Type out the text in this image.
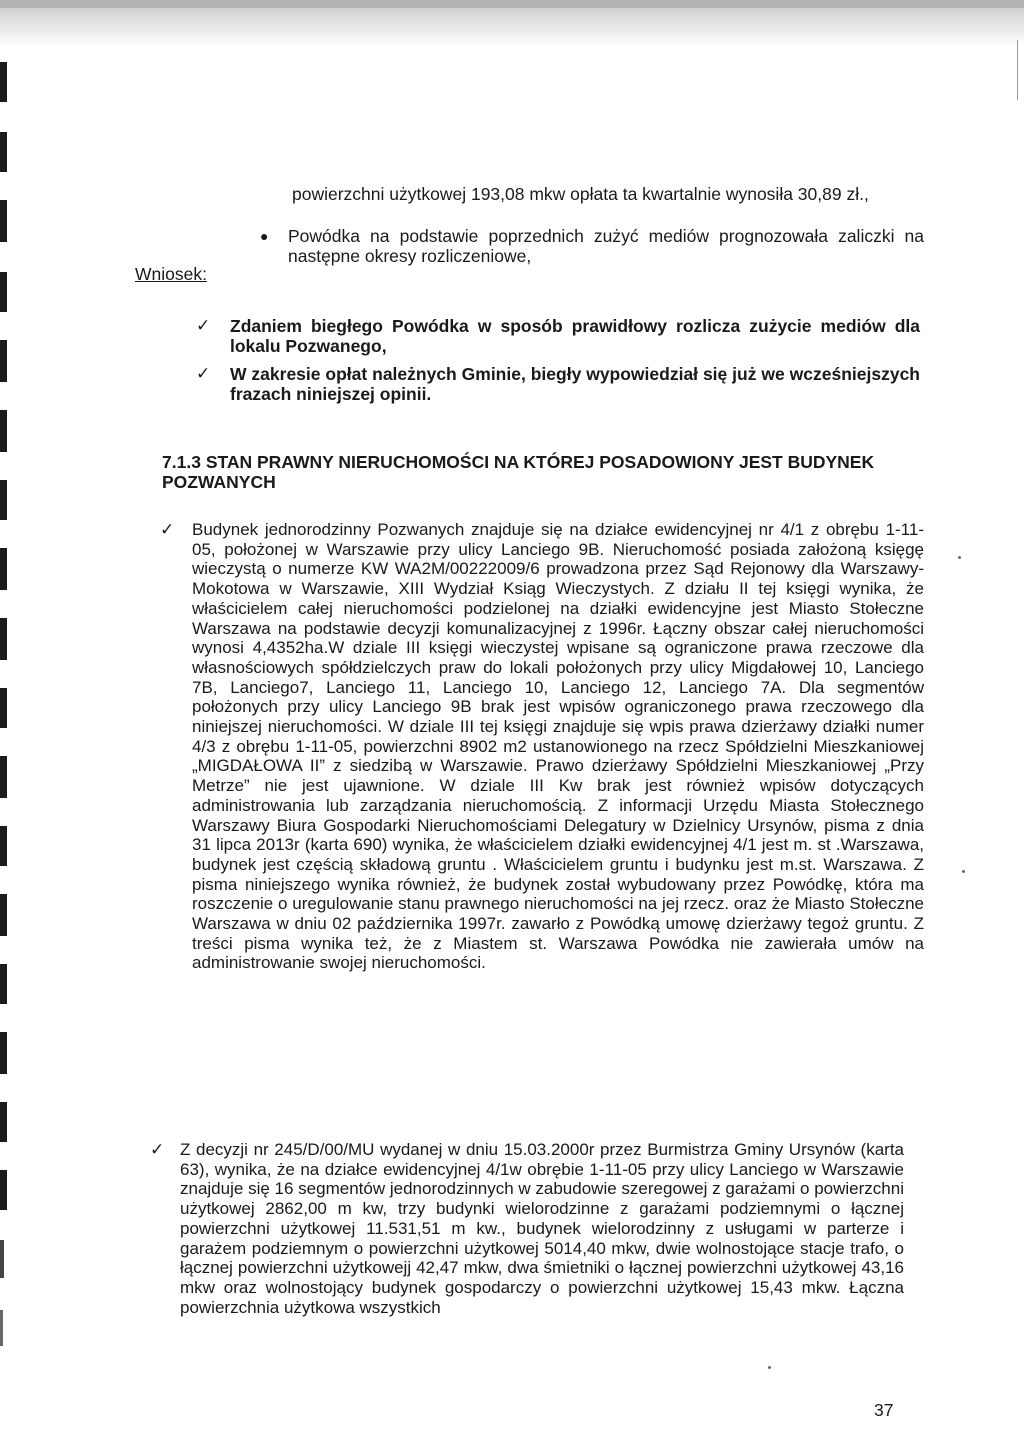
powierzchni użytkowej 193,08 mkw opłata ta kwartalnie wynosiła 30,89 zł.,

● Powódka na podstawie poprzednich zużyć mediów prognozowała zaliczki na następne okresy rozliczeniowe,
Wniosek:
✓ Zdaniem biegłego Powódka w sposób prawidłowy rozlicza zużycie mediów dla lokalu Pozwanego,

✓ W zakresie opłat należnych Gminie, biegły wypowiedział się już we wcześniejszych frazach niniejszej opinii.

7.1.3 STAN PRAWNY NIERUCHOMOŚCI NA KTÓREJ POSADOWIONY JEST BUDYNEK POZWANYCH
✓ Budynek jednorodzinny Pozwanych znajduje się na działce ewidencyjnej nr 4/1 z obrębu 1-11-05, położonej w Warszawie przy ulicy Lanciego 9B. Nieruchomość posiada założoną księgę wieczystą o numerze KW WA2M/00222009/6 prowadzona przez Sąd Rejonowy dla Warszawy-Mokotowa w Warszawie, XIII Wydział Ksiąg Wieczystych. Z działu II tej księgi wynika, że właścicielem całej nieruchomości podzielonej na działki ewidencyjne jest Miasto Stołeczne Warszawa na podstawie decyzji komunalizacyjnej z 1996r. Łączny obszar całej nieruchomości wynosi 4,4352ha.W dziale III księgi wieczystej wpisane są ograniczone prawa rzeczowe dla własnościowych spółdzielczych praw do lokali położonych przy ulicy Migdałowej 10, Lanciego 7B, Lanciego7, Lanciego 11, Lanciego 10, Lanciego 12, Lanciego 7A. Dla segmentów położonych przy ulicy Lanciego 9B brak jest wpisów ograniczonego prawa rzeczowego dla niniejszej nieruchomości. W dziale III tej księgi znajduje się wpis prawa dzierżawy działki numer 4/3 z obrębu 1-11-05, powierzchni 8902 m2 ustanowionego na rzecz Spółdzielni Mieszkaniowej „MIGDAŁOWA II” z siedzibą w Warszawie. Prawo dzierżawy Spółdzielni Mieszkaniowej „Przy Metrze” nie jest ujawnione. W dziale III Kw brak jest również wpisów dotyczących administrowania lub zarządzania nieruchomością. Z informacji Urzędu Miasta Stołecznego Warszawy Biura Gospodarki Nieruchomościami Delegatury w Dzielnicy Ursynów, pisma z dnia 31 lipca 2013r (karta 690) wynika, że właścicielem działki ewidencyjnej 4/1 jest m. st .Warszawa, budynek jest częścią składową gruntu . Właścicielem gruntu i budynku jest m.st. Warszawa. Z pisma niniejszego wynika również, że budynek został wybudowany przez Powódkę, która ma roszczenie o uregulowanie stanu prawnego nieruchomości na jej rzecz. oraz że Miasto Stołeczne Warszawa w dniu 02 października 1997r. zawarło z Powódką umowę dzierżawy tegoż gruntu. Z treści pisma wynika też, że z Miastem st. Warszawa Powódka nie zawierała umów na administrowanie swojej nieruchomości.

✓ Z decyzji nr 245/D/00/MU wydanej w dniu 15.03.2000r przez Burmistrza Gminy Ursynów (karta 63), wynika, że na działce ewidencyjnej 4/1w obrębie 1-11-05 przy ulicy Lanciego w Warszawie znajduje się 16 segmentów jednorodzinnych w zabudowie szeregowej z garażami o powierzchni użytkowej 2862,00 m kw, trzy budynki wielorodzinne z garażami podziemnymi o łącznej powierzchni użytkowej 11.531,51 m kw., budynek wielorodzinny z usługami w parterze i garażem podziemnym o powierzchni użytkowej 5014,40 mkw, dwie wolnostojące stacje trafo, o łącznej powierzchni użytkowejj 42,47 mkw, dwa śmietniki o łącznej powierzchni użytkowej 43,16 mkw oraz wolnostojący budynek gospodarczy o powierzchni użytkowej 15,43 mkw. Łączna powierzchnia użytkowa wszystkich

37
